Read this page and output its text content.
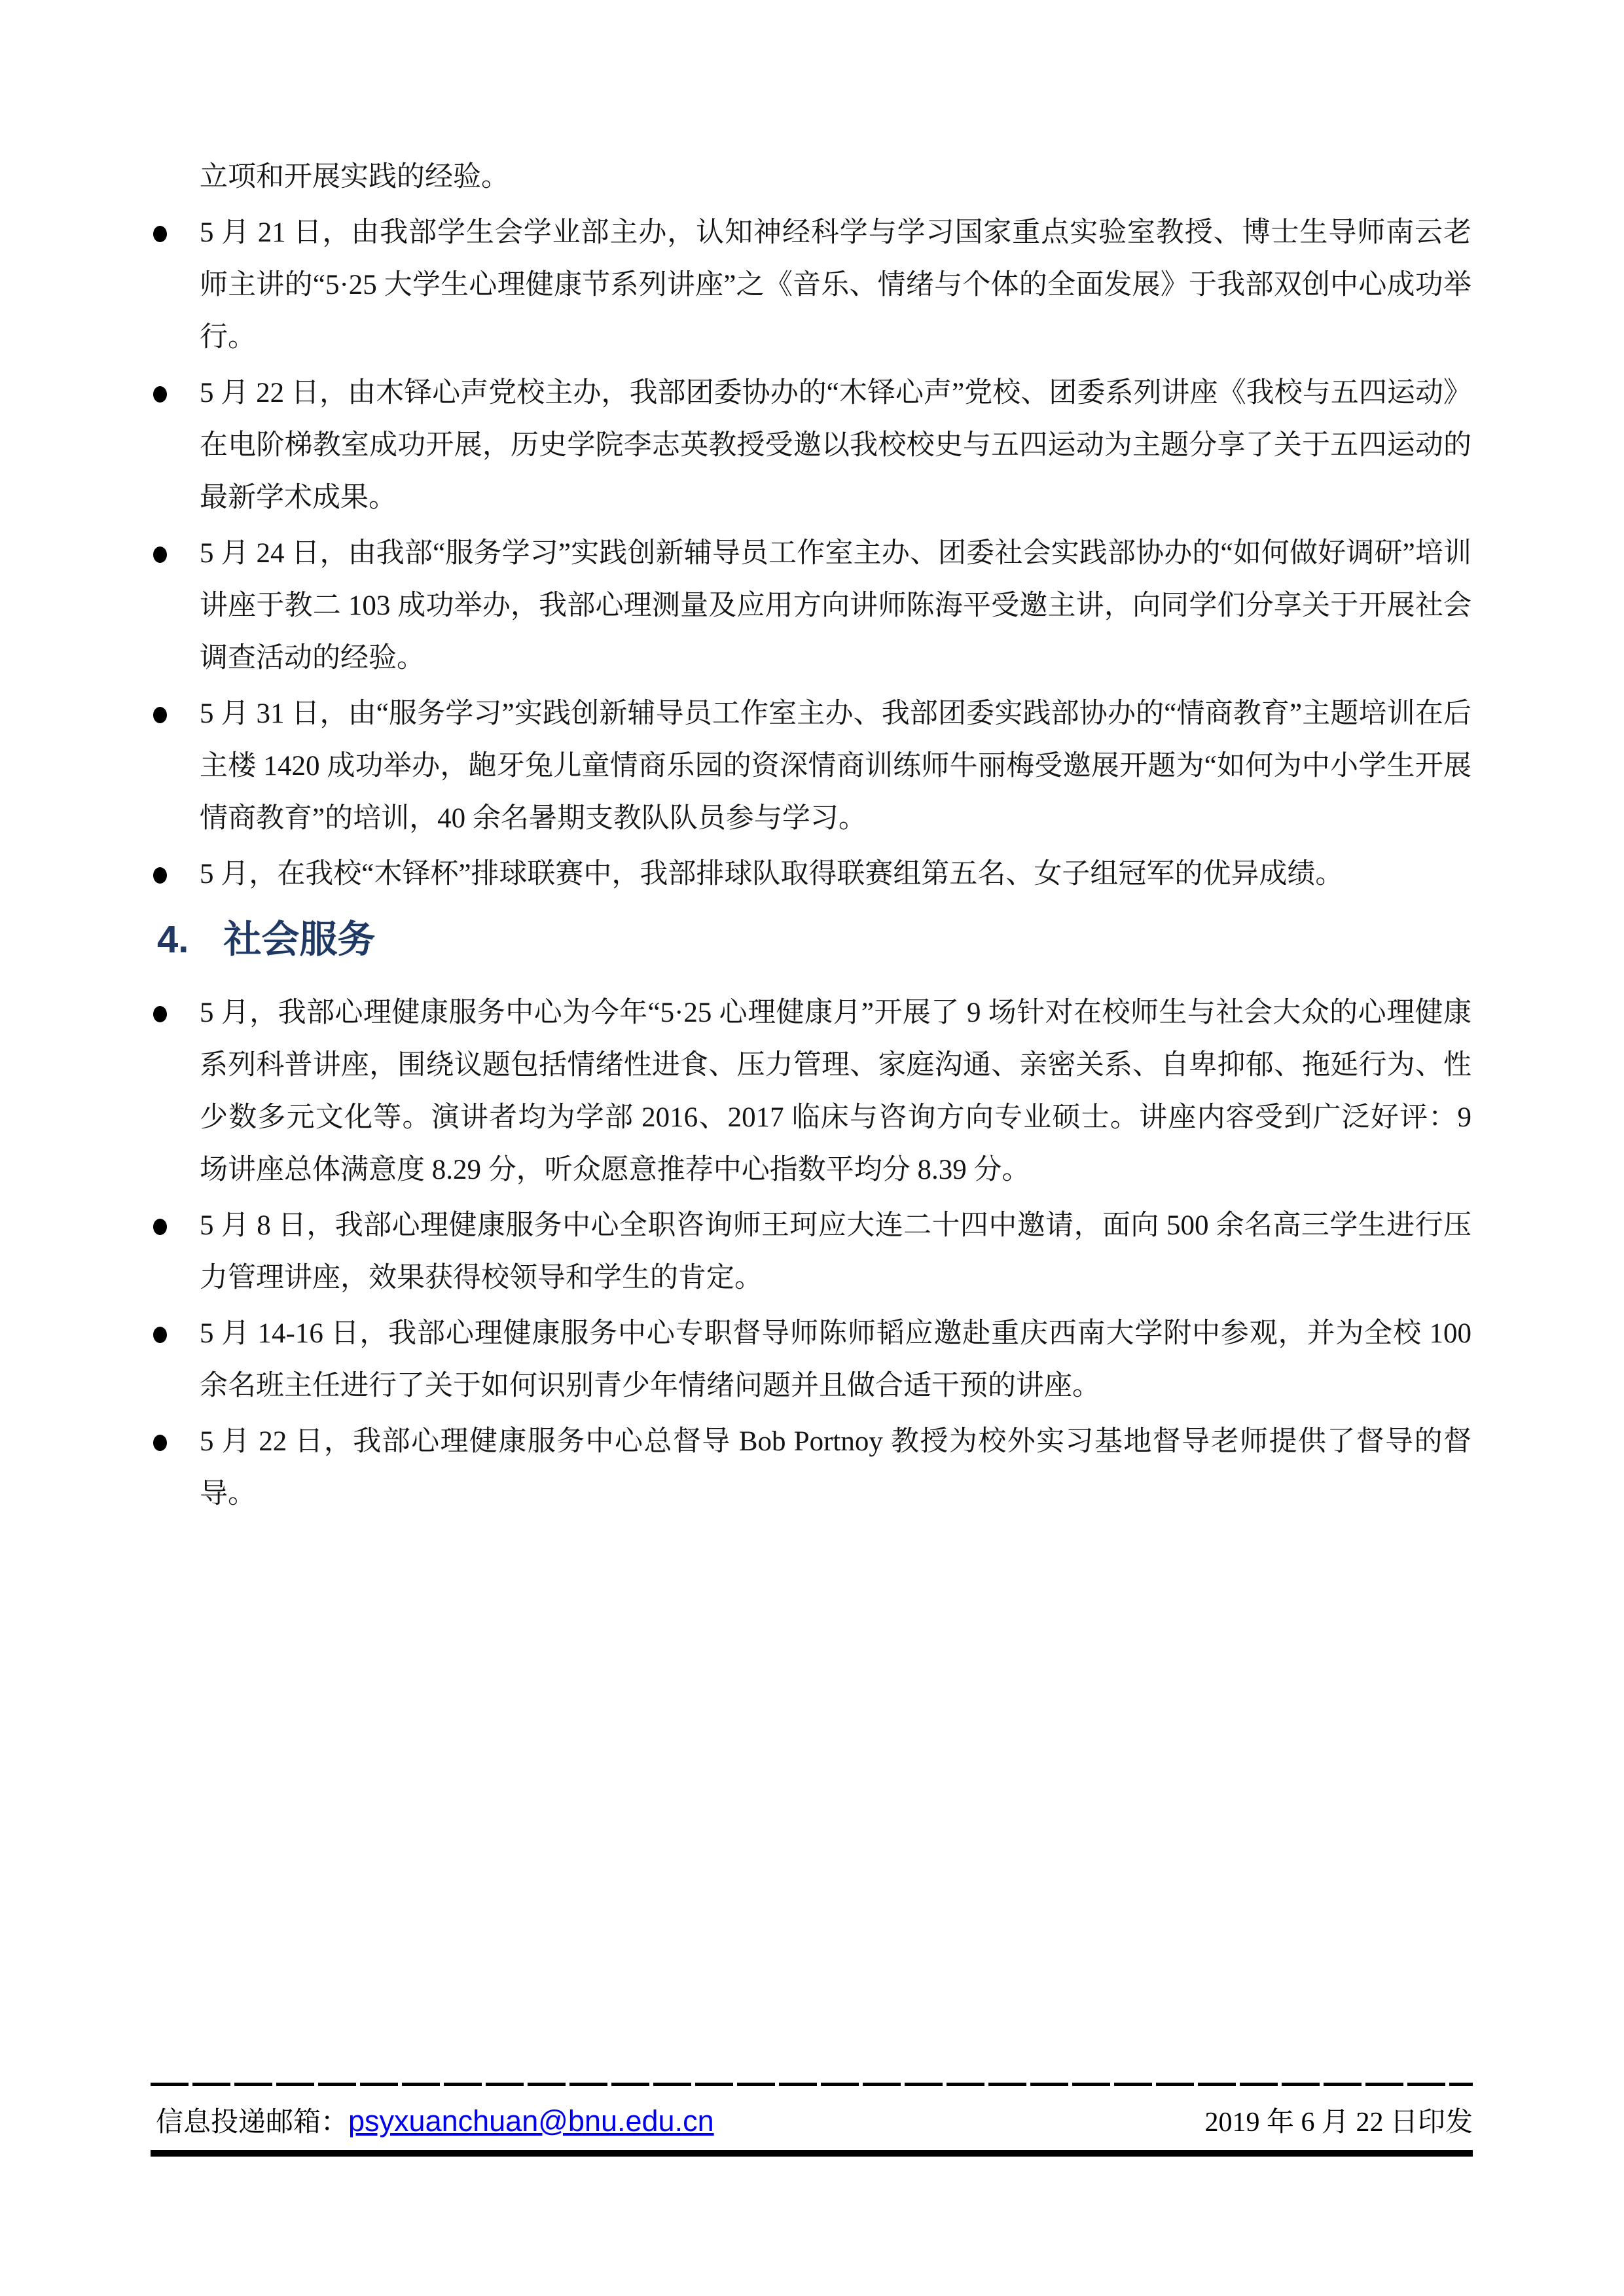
立项和开展实践的经验。

5 月 21 日，由我部学生会学业部主办，认知神经科学与学习国家重点实验室教授、博士生导师南云老师主讲的“5·25 大学生心理健康节系列讲座”之《音乐、情绪与个体的全面发展》于我部双创中心成功举行。

5 月 22 日，由木铎心声党校主办，我部团委协办的“木铎心声”党校、团委系列讲座《我校与五四运动》在电阶梯教室成功开展，历史学院李志英教授受邀以我校校史与五四运动为主题分享了关于五四运动的最新学术成果。

5 月 24 日，由我部“服务学习”实践创新辅导员工作室主办、团委社会实践部协办的“如何做好调研”培训讲座于教二 103 成功举办，我部心理测量及应用方向讲师陈海平受邀主讲，向同学们分享关于开展社会调查活动的经验。

5 月 31 日，由“服务学习”实践创新辅导员工作室主办、我部团委实践部协办的“情商教育”主题培训在后主楼 1420 成功举办，龅牙兔儿童情商乐园的资深情商训练师牛丽梅受邀展开题为“如何为中小学生开展情商教育”的培训，40 余名暑期支教队队员参与学习。

5 月，在我校“木铎杯”排球联赛中，我部排球队取得联赛组第五名、女子组冠军的优异成绩。

4. 社会服务

5 月，我部心理健康服务中心为今年“5·25 心理健康月”开展了 9 场针对在校师生与社会大众的心理健康系列科普讲座，围绕议题包括情绪性进食、压力管理、家庭沟通、亲密关系、自卑抑郁、拖延行为、性少数多元文化等。演讲者均为学部 2016、2017 临床与咨询方向专业硕士。讲座内容受到广泛好评：9 场讲座总体满意度 8.29 分，听众愿意推荐中心指数平均分 8.39 分。

5 月 8 日，我部心理健康服务中心全职咨询师王珂应大连二十四中邀请，面向 500 余名高三学生进行压力管理讲座，效果获得校领导和学生的肯定。

5 月 14-16 日，我部心理健康服务中心专职督导师陈师韬应邀赴重庆西南大学附中参观，并为全校 100 余名班主任进行了关于如何识别青少年情绪问题并且做合适干预的讲座。

5 月 22 日，我部心理健康服务中心总督导 Bob Portnoy 教授为校外实习基地督导老师提供了督导的督导。

信息投递邮箱：psyxuanchuan@bnu.edu.cn	2019 年 6 月 22 日印发
